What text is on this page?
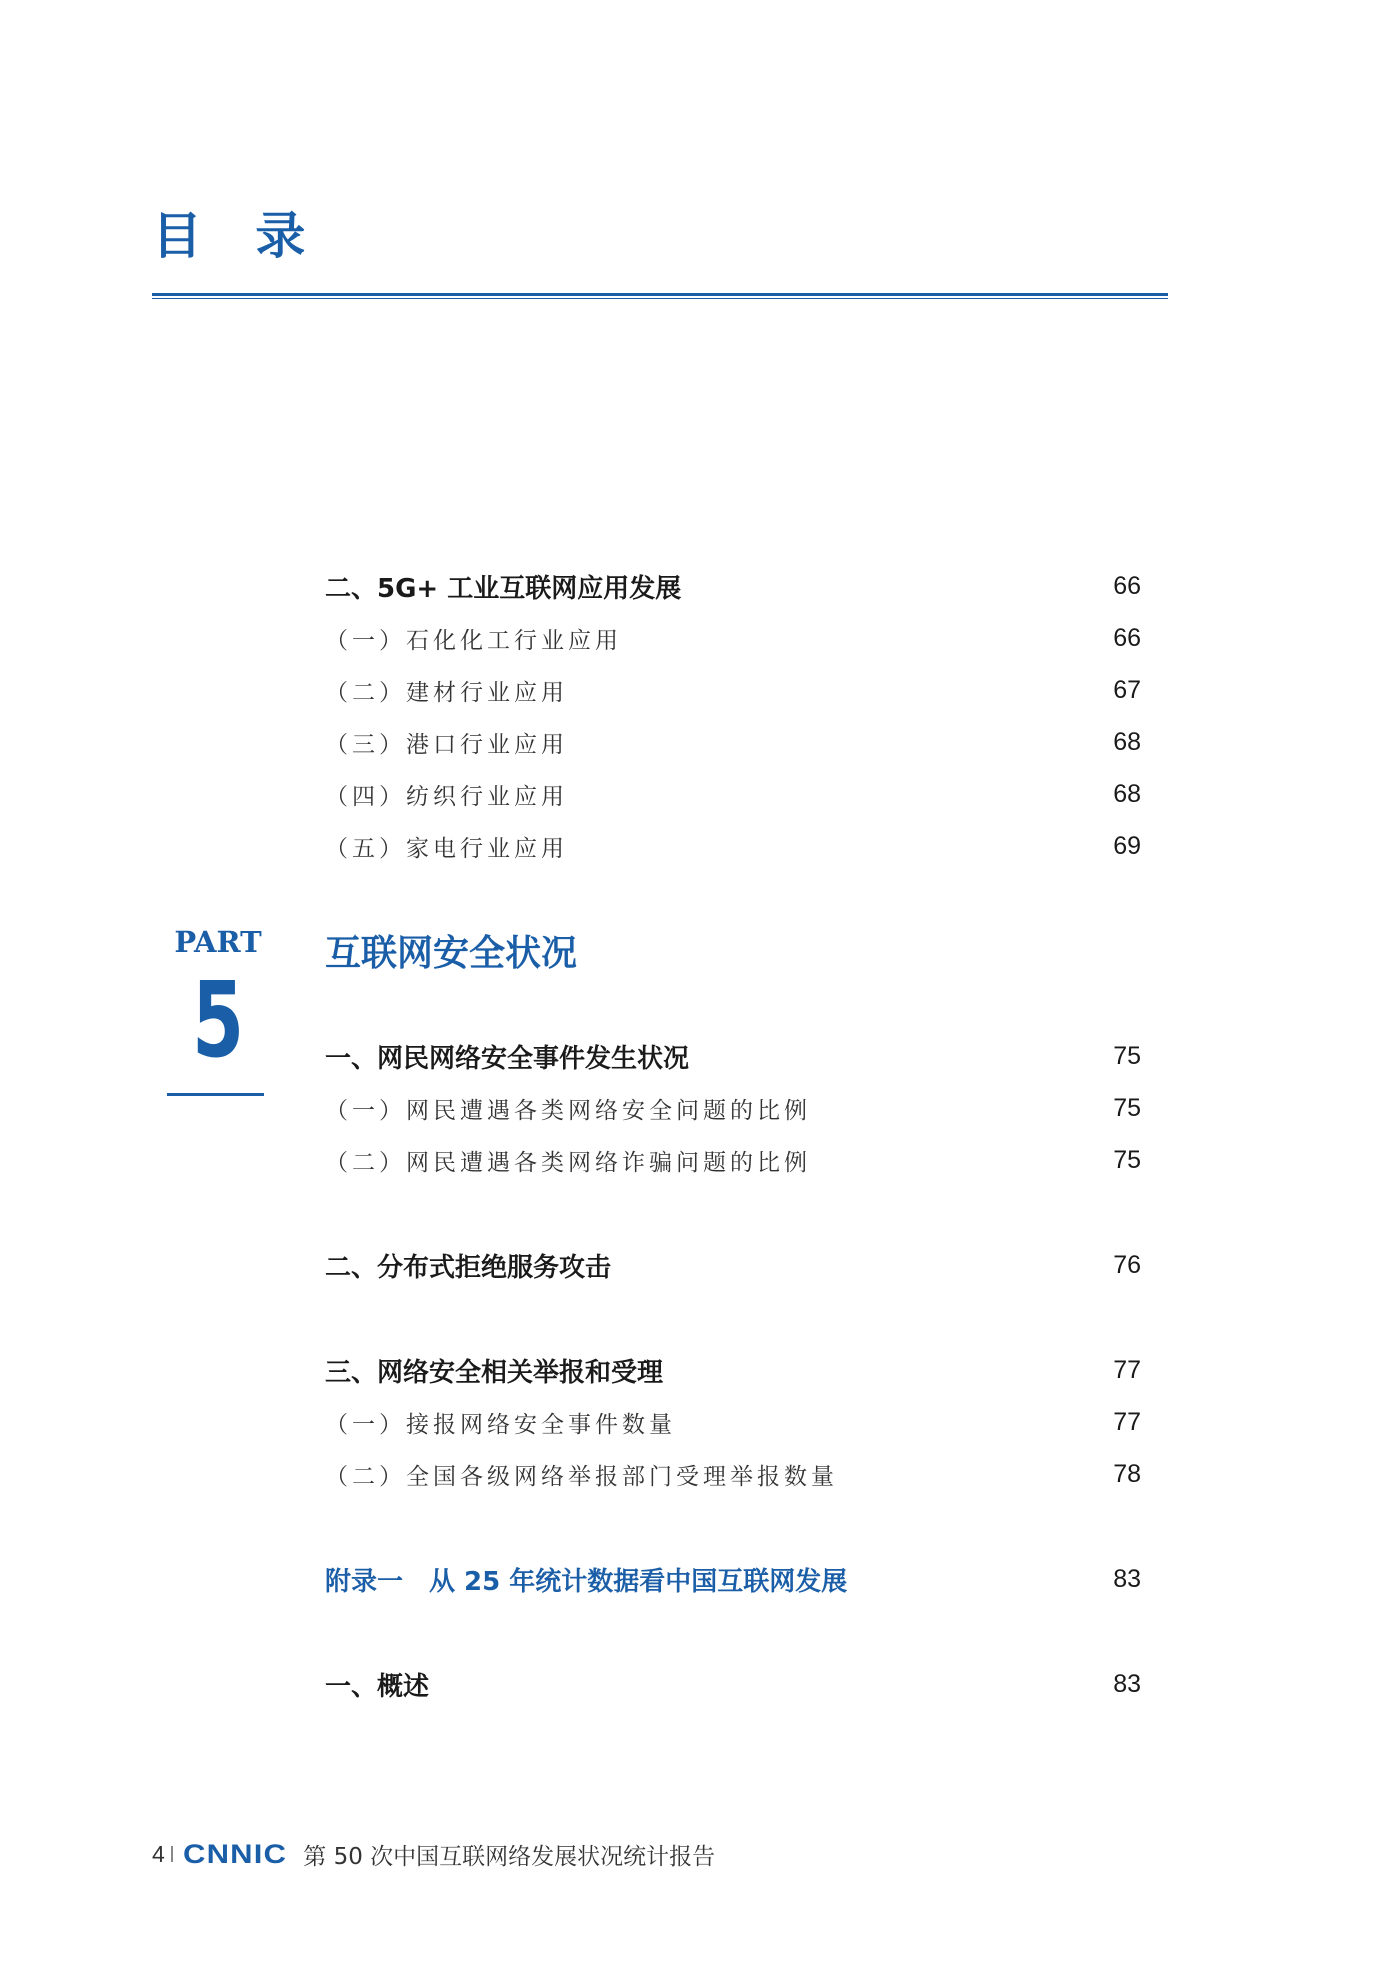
目 录
二、5G+ 工业互联网应用发展	66
（一）石化化工行业应用	66
（二）建材行业应用	67
（三）港口行业应用	68
（四）纺织行业应用	68
（五）家电行业应用	69
PART
5
互联网安全状况
一、网民网络安全事件发生状况	75
（一）网民遭遇各类网络安全问题的比例	75
（二）网民遭遇各类网络诈骗问题的比例	75
二、分布式拒绝服务攻击	76
三、网络安全相关举报和受理	77
（一）接报网络安全事件数量	77
（二）全国各级网络举报部门受理举报数量	78
附录一　从 25 年统计数据看中国互联网发展	83
一、概述	83
4 CNNIC 第 50 次中国互联网络发展状况统计报告
